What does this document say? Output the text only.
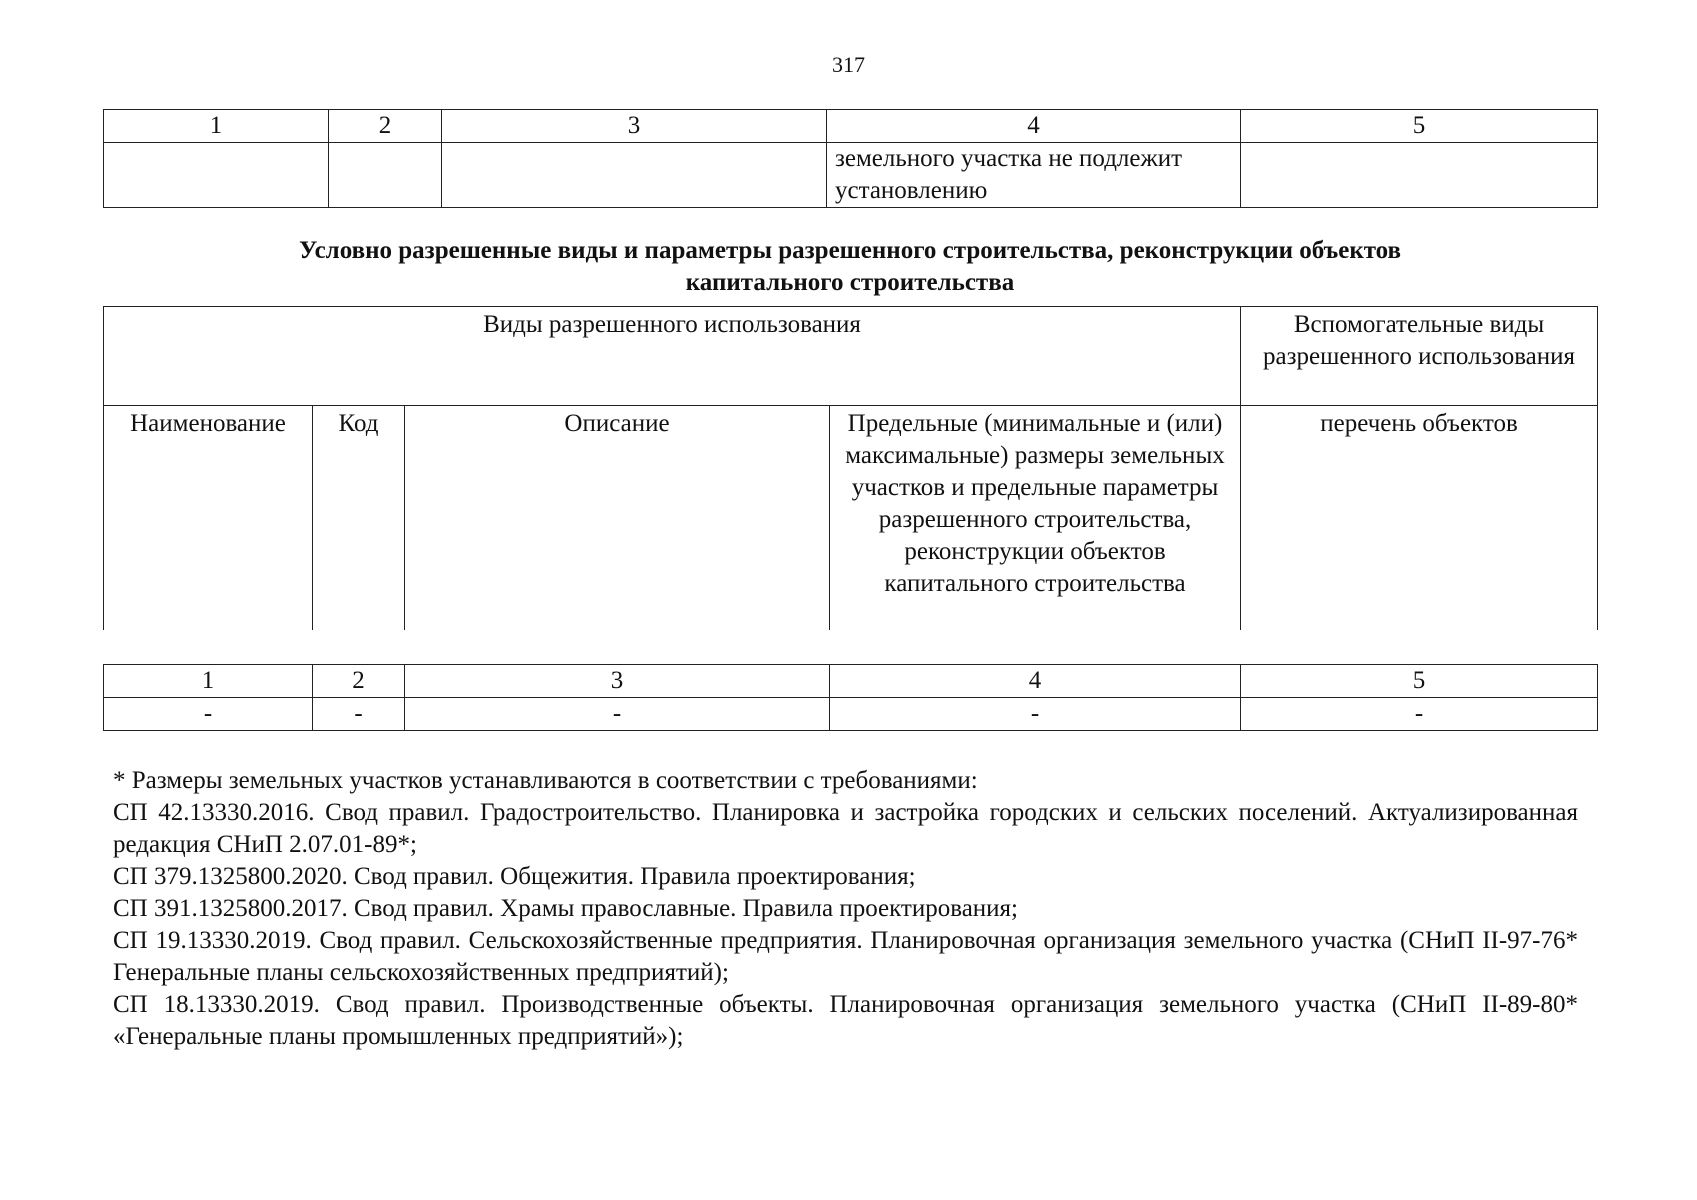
317
1	2	3	4	5
			земельного участка не подлежит установлению	
Условно разрешенные виды и параметры разрешенного строительства, реконструкции объектов
капитального строительства
Виды разрешенного использования				Вспомогательные виды разрешенного использования
Наименование	Код	Описание	Предельные (минимальные и (или) максимальные) размеры земельных участков и предельные параметры разрешенного строительства, реконструкции объектов капитального строительства	перечень объектов
1	2	3	4	5
-	-	-	-	-

* Размеры земельных участков устанавливаются в соответствии с требованиями:

СП 42.13330.2016. Свод правил. Градостроительство. Планировка и застройка городских и сельских поселений. Актуализированная редакция СНиП 2.07.01-89*;

СП 379.1325800.2020. Свод правил. Общежития. Правила проектирования;

СП 391.1325800.2017. Свод правил. Храмы православные. Правила проектирования;

СП 19.13330.2019. Свод правил. Сельскохозяйственные предприятия. Планировочная организация земельного участка (СНиП II-97-76* Генеральные планы сельскохозяйственных предприятий);

СП 18.13330.2019. Свод правил. Производственные объекты. Планировочная организация земельного участка (СНиП II-89-80* «Генеральные планы промышленных предприятий»);
